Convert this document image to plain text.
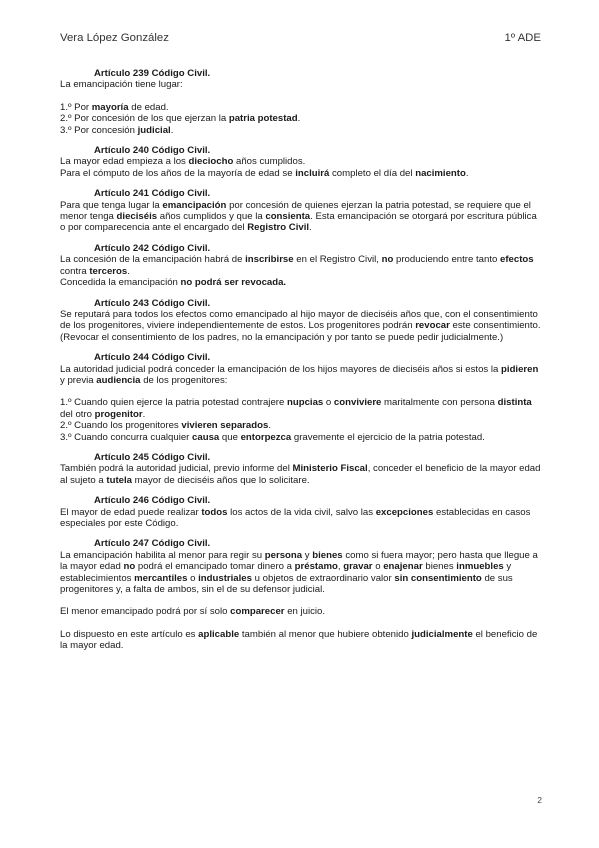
Vera López González	1º ADE
Artículo 239 Código Civil.

La emancipación tiene lugar:

1.º Por mayoría de edad.

2.º Por concesión de los que ejerzan la patria potestad.

3.º Por concesión judicial.

Artículo 240 Código Civil.

La mayor edad empieza a los dieciocho años cumplidos.

Para el cómputo de los años de la mayoría de edad se incluirá completo el día del nacimiento.

Artículo 241 Código Civil.

Para que tenga lugar la emancipación por concesión de quienes ejerzan la patria potestad, se requiere que el menor tenga dieciséis años cumplidos y que la consienta. Esta emancipación se otorgará por escritura pública o por comparecencia ante el encargado del Registro Civil.

Artículo 242 Código Civil.

La concesión de la emancipación habrá de inscribirse en el Registro Civil, no produciendo entre tanto efectos contra terceros.

Concedida la emancipación no podrá ser revocada.

Artículo 243 Código Civil.

Se reputará para todos los efectos como emancipado al hijo mayor de dieciséis años que, con el consentimiento de los progenitores, viviere independientemente de estos. Los progenitores podrán revocar este consentimiento. (Revocar el consentimiento de los padres, no la emancipación y por tanto se puede pedir judicialmente.)

Artículo 244 Código Civil.

La autoridad judicial podrá conceder la emancipación de los hijos mayores de dieciséis años si estos la pidieren y previa audiencia de los progenitores:

1.º Cuando quien ejerce la patria potestad contrajere nupcias o conviviere maritalmente con persona distinta del otro progenitor.

2.º Cuando los progenitores vivieren separados.

3.º Cuando concurra cualquier causa que entorpezca gravemente el ejercicio de la patria potestad.

Artículo 245 Código Civil.

También podrá la autoridad judicial, previo informe del Ministerio Fiscal, conceder el beneficio de la mayor edad al sujeto a tutela mayor de dieciséis años que lo solicitare.

Artículo 246 Código Civil.

El mayor de edad puede realizar todos los actos de la vida civil, salvo las excepciones establecidas en casos especiales por este Código.

Artículo 247 Código Civil.

La emancipación habilita al menor para regir su persona y bienes como si fuera mayor; pero hasta que llegue a la mayor edad no podrá el emancipado tomar dinero a préstamo, gravar o enajenar bienes inmuebles y establecimientos mercantiles o industriales u objetos de extraordinario valor sin consentimiento de sus progenitores y, a falta de ambos, sin el de su defensor judicial.

El menor emancipado podrá por sí solo comparecer en juicio.

Lo dispuesto en este artículo es aplicable también al menor que hubiere obtenido judicialmente el beneficio de la mayor edad.

2
